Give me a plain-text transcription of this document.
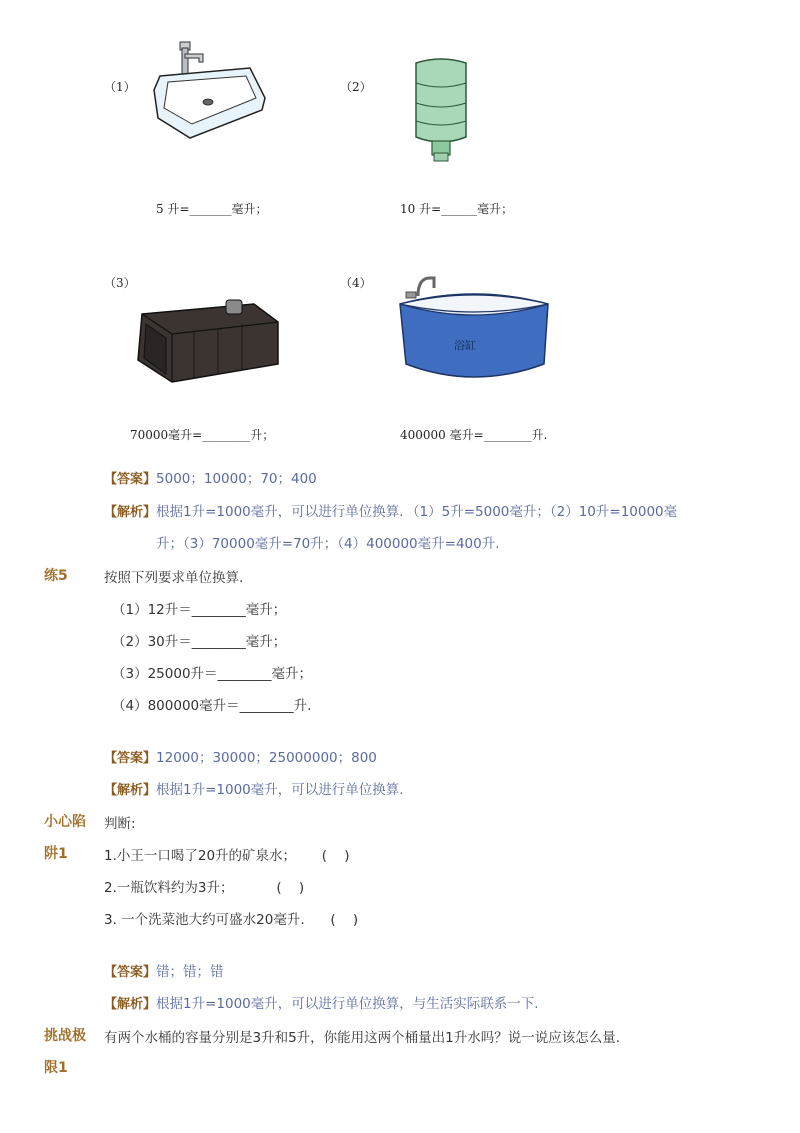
（1）	（2）
5 升=_______毫升；	10 升=______毫升；
（3）	（4）
浴缸
70000毫升=________升；	400000 毫升=________升.
【答案】5000；10000；70；400
【解析】根据1升=1000毫升，可以进行单位换算．（1）5升=5000毫升；（2）10升=10000毫
升；（3）70000毫升=70升；（4）400000毫升=400升.
练5	按照下列要求单位换算.
（1）12升＝________毫升；
（2）30升＝________毫升；
（3）25000升＝________毫升；
（4）800000毫升＝________升.
【答案】12000；30000；25000000；800
【解析】根据1升=1000毫升，可以进行单位换算.
小心陷
阱1
判断:
1.小王一口喝了20升的矿泉水；      (    )
2.一瓶饮料约为3升；          (    )
3. 一个洗菜池大约可盛水20毫升.      (    )
【答案】错；错；错
【解析】根据1升=1000毫升，可以进行单位换算，与生活实际联系一下.
挑战极
限1
有两个水桶的容量分别是3升和5升，你能用这两个桶量出1升水吗？说一说应该怎么量.
